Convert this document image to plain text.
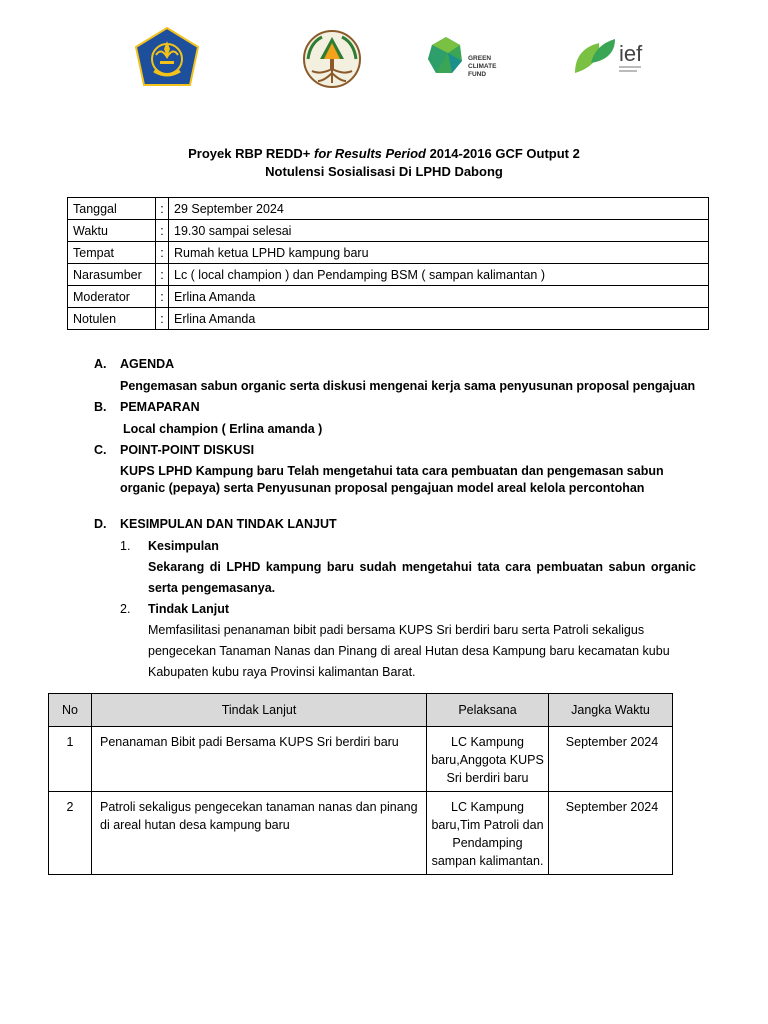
GREEN
CLIMATE
FUND
ief
Proyek RBP REDD+ for Results Period 2014-2016 GCF Output 2
Notulensi Sosialisasi Di LPHD Dabong
Tanggal	:	29 September 2024
Waktu	:	19.30 sampai selesai
Tempat	:	Rumah ketua LPHD kampung baru
Narasumber	:	Lc ( local champion ) dan Pendamping BSM ( sampan kalimantan )
Moderator	:	Erlina Amanda
Notulen	:	Erlina Amanda
A. AGENDA
Pengemasan sabun organic serta diskusi mengenai kerja sama penyusunan proposal pengajuan
B. PEMAPARAN
Local champion ( Erlina amanda )
C. POINT-POINT DISKUSI
KUPS LPHD Kampung baru Telah mengetahui tata cara pembuatan dan pengemasan sabun organic (pepaya) serta Penyusunan proposal pengajuan model areal kelola percontohan
D. KESIMPULAN DAN TINDAK LANJUT
1. Kesimpulan
Sekarang di LPHD kampung baru sudah mengetahui tata cara pembuatan sabun organic serta pengemasanya.
2. Tindak Lanjut
Memfasilitasi penanaman bibit padi bersama KUPS Sri berdiri baru serta Patroli sekaligus pengecekan Tanaman Nanas dan Pinang di areal Hutan desa Kampung baru kecamatan kubu Kabupaten kubu raya Provinsi kalimantan Barat.
No	Tindak Lanjut	Pelaksana	Jangka Waktu
1	Penanaman Bibit padi Bersama KUPS Sri berdiri baru	LC Kampung baru,Anggota KUPS Sri berdiri baru	September 2024
2	Patroli sekaligus pengecekan tanaman nanas dan pinang di areal hutan desa kampung baru	LC Kampung baru,Tim Patroli dan Pendamping sampan kalimantan.	September 2024
